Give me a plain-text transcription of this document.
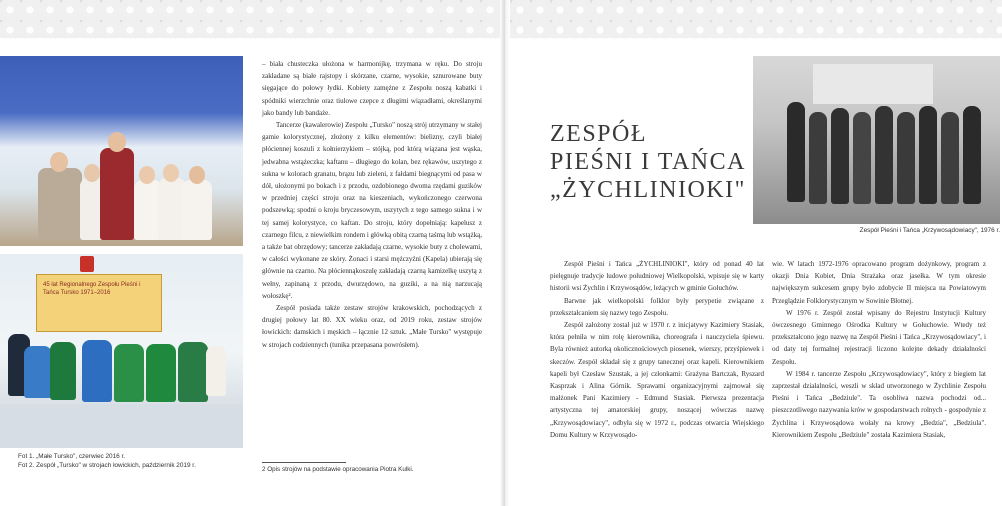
45 lat Regionalnego Zespołu Pieśni i Tańca Tursko 1971–2016
Fot 1. „Małe Tursko", czerwiec 2016 r.
Fot 2. Zespół „Tursko" w strojach łowickich, październik 2019 r.

– biała chusteczka ułożona w harmonijkę, trzymana w ręku. Do stroju zakładane są białe rajstopy i skórzane, czarne, wysokie, sznurowane buty sięgające do połowy łydki. Kobiety zamężne z Zespołu noszą kabatki i spódniki wierzchnie oraz tiulowe czepce z długimi wiązadłami, określanymi jako bandy lub bandaże.

Tancerze (kawalerowie) Zespołu „Tursko" noszą strój utrzymany w stałej gamie kolorystycznej, złożony z kilku elementów: bielizny, czyli białej płóciennej koszuli z kołnierzykiem – stójką, pod którą wiązana jest wąska, jedwabna wstążeczka; kaftanu – długiego do kolan, bez rękawów, uszytego z sukna w kolorach granatu, brązu lub zieleni, z fałdami biegnącymi od pasa w dół, ułożonymi po bokach i z przodu, ozdobionego dwoma rzędami guzików w przedniej części stroju oraz na kieszeniach, wykończonego czerwona podszewką; spodni o kroju bryczesowym, uszytych z tego samego sukna i w tej samej kolorystyce, co kaftan. Do stroju, który dopełniają: kapelusz z czarnego filcu, z niewielkim rondem i główką obitą czarną taśmą lub wstążką, a także bat obrzędowy; tancerze zakładają czarne, wysokie buty z cholewami, w całości wykonane ze skóry. Żonaci i starsi mężczyźni (Kapela) ubierają się głównie na czarno. Na płóciennąkoszulę zakładają czarną kamizelkę uszytą z wełny, zapinaną z przodu, dwurzędowo, na guziki, a na nią narzucają wołoszkę².

Zespół posiada także zestaw strojów krakowskich, pochodzących z drugiej połowy lat 80. XX wieku oraz, od 2019 roku, zestaw strojów łowickich: damskich i męskich – łącznie 12 sztuk. „Małe Tursko" występuje w strojach codziennych (tunika przepasana powrósłem).

2 Opis strojów na podstawie opracowania Piotra Kulki.
ZESPÓŁ
PIEŚNI I TAŃCA
„ŻYCHLINIOKI"
Zespół Pieśni i Tańca „Krzywosądowiacy", 1976 r.

Zespół Pieśni i Tańca „ŻYCHLINIOKI", który od ponad 40 lat pielęgnuje tradycje ludowe południowej Wielkopolski, wpisuje się w karty historii wsi Żychlin i Krzywosądów, leżących w gminie Gołuchów.

Barwne jak wielkopolski folklor były perypetie związane z przekształcaniem się nazwy tego Zespołu.

Zespół założony został już w 1970 r. z inicjatywy Kazimiery Stasiak, która pełniła w nim rolę kierownika, choreografa i nauczyciela śpiewu. Byla również autorką okolicznościowych piosenek, wierszy, przyśpiewek i skeczów. Zespół składał się z grupy tanecznej oraz kapeli. Kierownikiem kapeli był Czesław Szustak, a jej członkami: Grażyna Bartczak, Ryszard Kasprzak i Alina Górnik. Sprawami organizacyjnymi zajmował się małżonek Pani Kazimiery - Edmund Stasiak. Pierwsza prezentacja artystyczna tej amatorskiej grupy, noszącej wówczas nazwę „Krzywosądowiacy", odbyła się w 1972 r., podczas otwarcia Wiejskiego Domu Kultury w Krzywosądo-

wie. W latach 1972-1976 opracowano program dożynkowy, program z okazji Dnia Kobiet, Dnia Strażaka oraz jasełka. W tym okresie największym sukcesem grupy było zdobycie II miejsca na Powiatowym Przeglądzie Folklorystycznym w Sowinie Błotnej.

W 1976 r. Zespół został wpisany do Rejestru Instytucji Kultury ówczesnego Gminnego Ośrodka Kultury w Gołuchowie. Wtedy też przekształcono jego nazwę na Zespół Pieśni i Tańca „Krzywosądowiacy", i od daty tej formalnej rejestracji liczono kolejne dekady działalności Zespołu.

W 1984 r. tancerze Zespołu „Krzywosądowiacy", który z biegiem lat zaprzestał działalności, weszli w skład utworzonego w Żychlinie Zespołu Pieśni i Tańca „Bedziule". Ta osobliwa nazwa pochodzi od... pieszczotliwego nazywania krów w gospodarstwach rolnych - gospodynie z Żychlina i Krzywosądowa wołały na krowy „Bedzia", „Bedziula". Kierownikiem Zespołu „Bedziule" została Kazimiera Stasiak,
